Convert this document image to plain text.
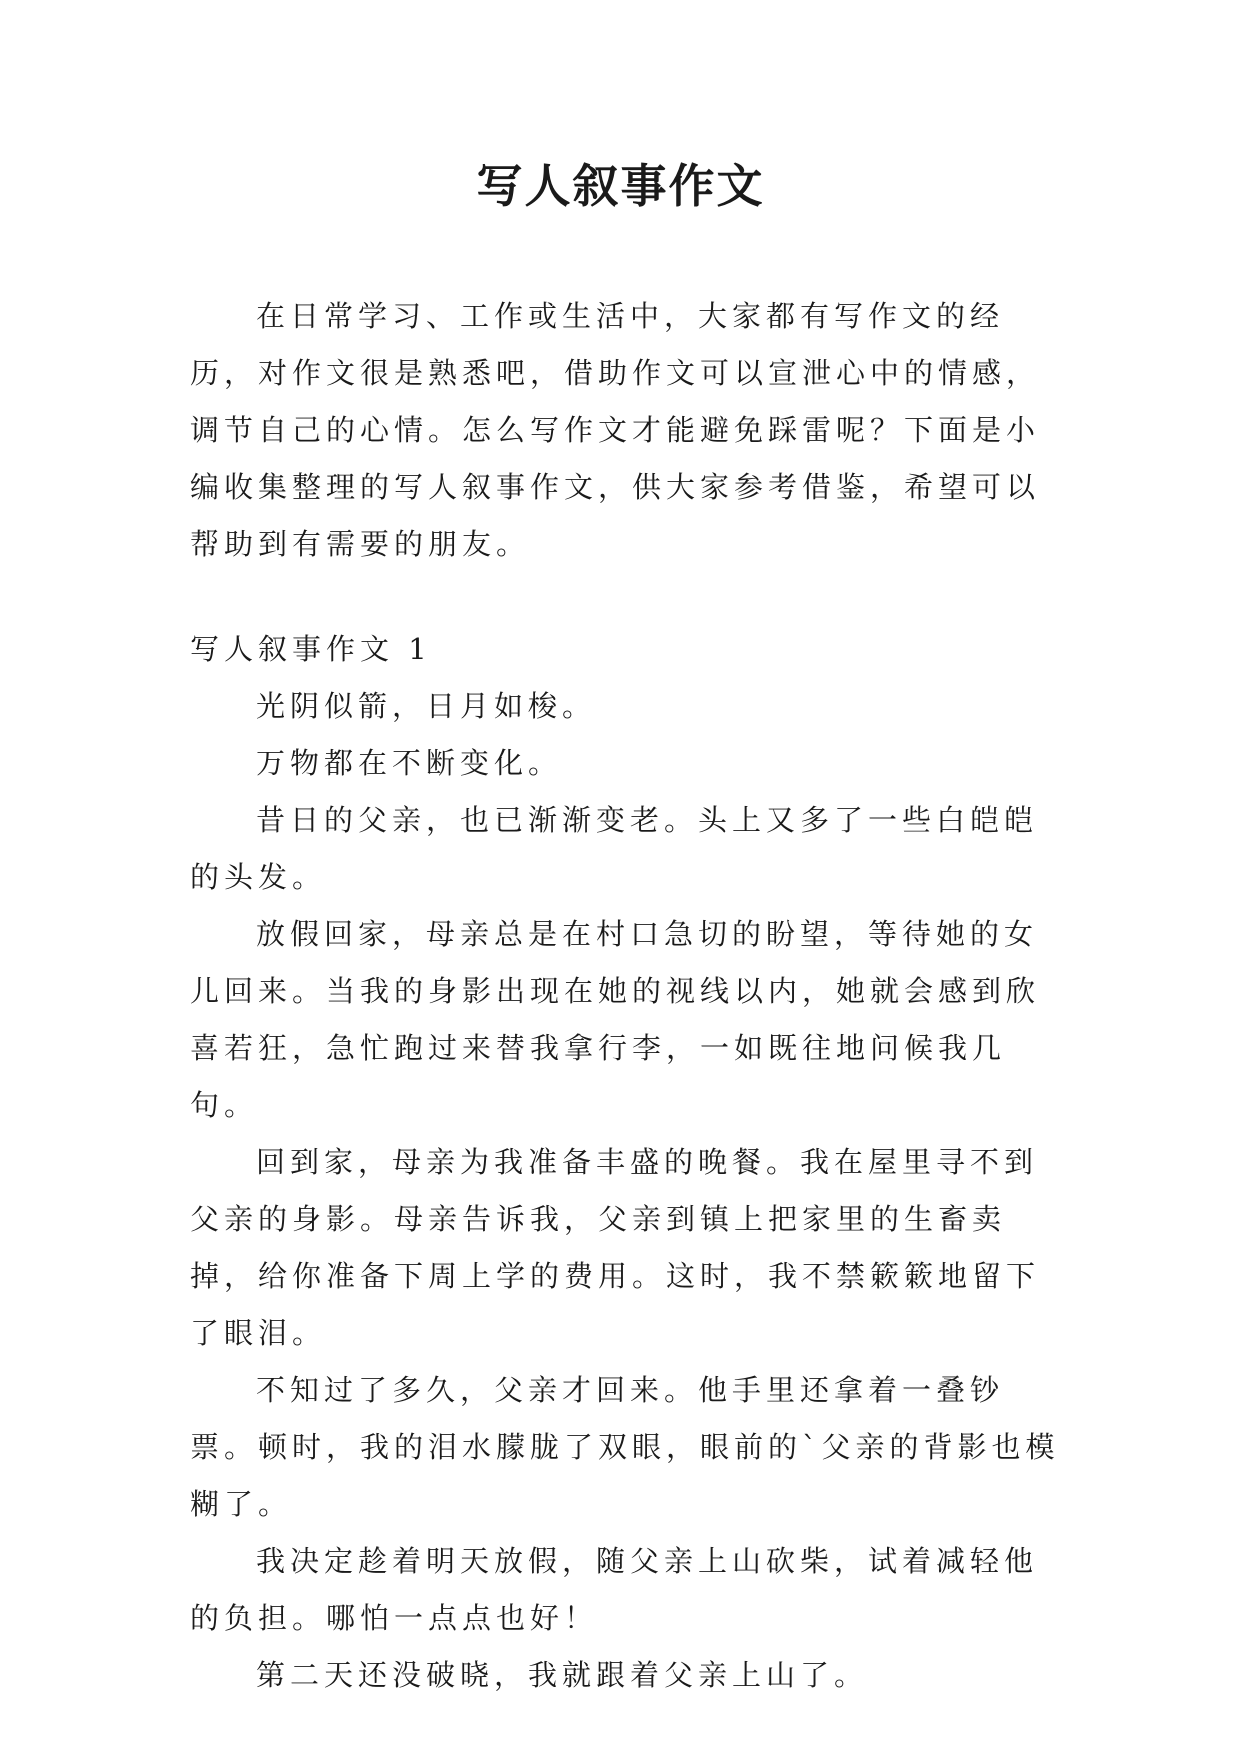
写人叙事作文

在日常学习、工作或生活中，大家都有写作文的经历，对作文很是熟悉吧，借助作文可以宣泄心中的情感，调节自己的心情。怎么写作文才能避免踩雷呢？下面是小编收集整理的写人叙事作文，供大家参考借鉴，希望可以帮助到有需要的朋友。

写人叙事作文 1

光阴似箭，日月如梭。

万物都在不断变化。

昔日的父亲，也已渐渐变老。头上又多了一些白皑皑的头发。

放假回家，母亲总是在村口急切的盼望，等待她的女儿回来。当我的身影出现在她的视线以内，她就会感到欣喜若狂，急忙跑过来替我拿行李，一如既往地问候我几句。

回到家，母亲为我准备丰盛的晚餐。我在屋里寻不到父亲的身影。母亲告诉我，父亲到镇上把家里的生畜卖掉，给你准备下周上学的费用。这时，我不禁簌簌地留下了眼泪。

不知过了多久，父亲才回来。他手里还拿着一叠钞票。顿时，我的泪水朦胧了双眼，眼前的`父亲的背影也模糊了。

我决定趁着明天放假，随父亲上山砍柴，试着减轻他的负担。哪怕一点点也好！

第二天还没破晓，我就跟着父亲上山了。
